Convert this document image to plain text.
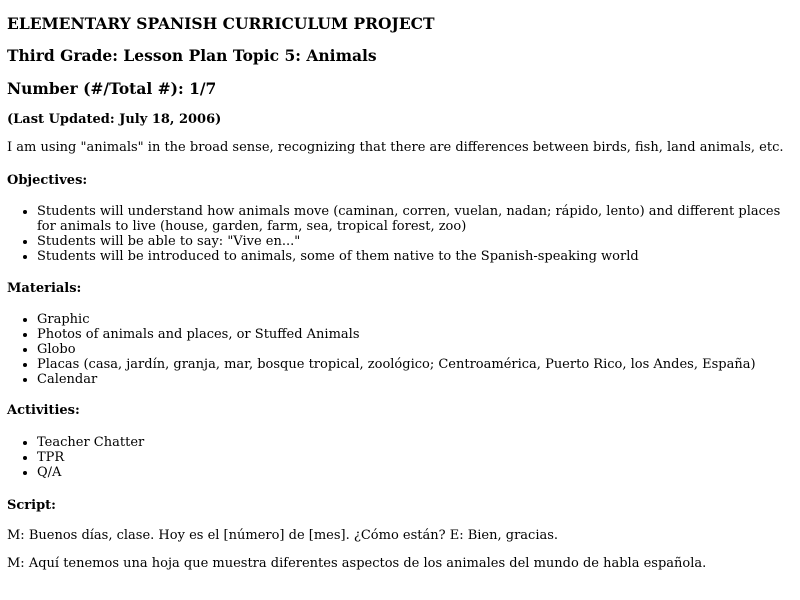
ELEMENTARY SPANISH CURRICULUM PROJECT
Third Grade: Lesson Plan Topic 5: Animals
Number (#/Total #): 1/7
(Last Updated: July 18, 2006)

I am using "animals" in the broad sense, recognizing that there are differences between birds, fish, land animals, etc.

Objectives:
• Students will understand how animals move (caminan, corren, vuelan, nadan; rápido, lento) and different places for animals to live (house, garden, farm, sea, tropical forest, zoo)
• Students will be able to say: "Vive en..."
• Students will be introduced to animals, some of them native to the Spanish-speaking world
Materials:
• Graphic
• Photos of animals and places, or Stuffed Animals
• Globo
• Placas (casa, jardín, granja, mar, bosque tropical, zoológico; Centroamérica, Puerto Rico, los Andes, España)
• Calendar
Activities:
• Teacher Chatter
• TPR
• Q/A
Script:

M: Buenos días, clase. Hoy es el [número] de [mes]. ¿Cómo están? E: Bien, gracias.

M: Aquí tenemos una hoja que muestra diferentes aspectos de los animales del mundo de habla española.
